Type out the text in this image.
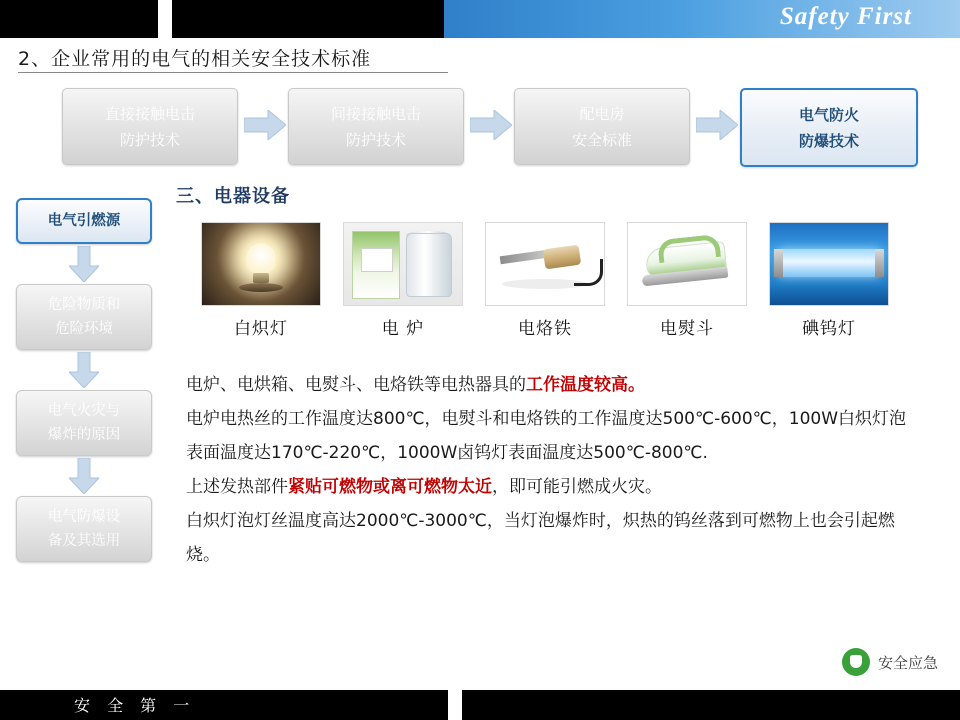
Safety First
2、企业常用的电气的相关安全技术标准
直接接触电击
防护技术
间接接触电击
防护技术
配电房
安全标准
电气防火
防爆技术
电气引燃源
危险物质和
危险环境
电气火灾与
爆炸的原因
电气防爆设
备及其选用
三、电器设备
白炽灯	电 炉	电烙铁	电熨斗	碘钨灯

电炉、电烘箱、电熨斗、电烙铁等电热器具的工作温度较高。

电炉电热丝的工作温度达800℃，电熨斗和电烙铁的工作温度达500℃-600℃，100W白炽灯泡表面温度达170℃-220℃，1000W卤钨灯表面温度达500℃-800℃.

上述发热部件紧贴可燃物或离可燃物太近，即可能引燃成火灾。

白炽灯泡灯丝温度高达2000℃-3000℃，当灯泡爆炸时，炽热的钨丝落到可燃物上也会引起燃烧。

安全应急
安 全 第 一
